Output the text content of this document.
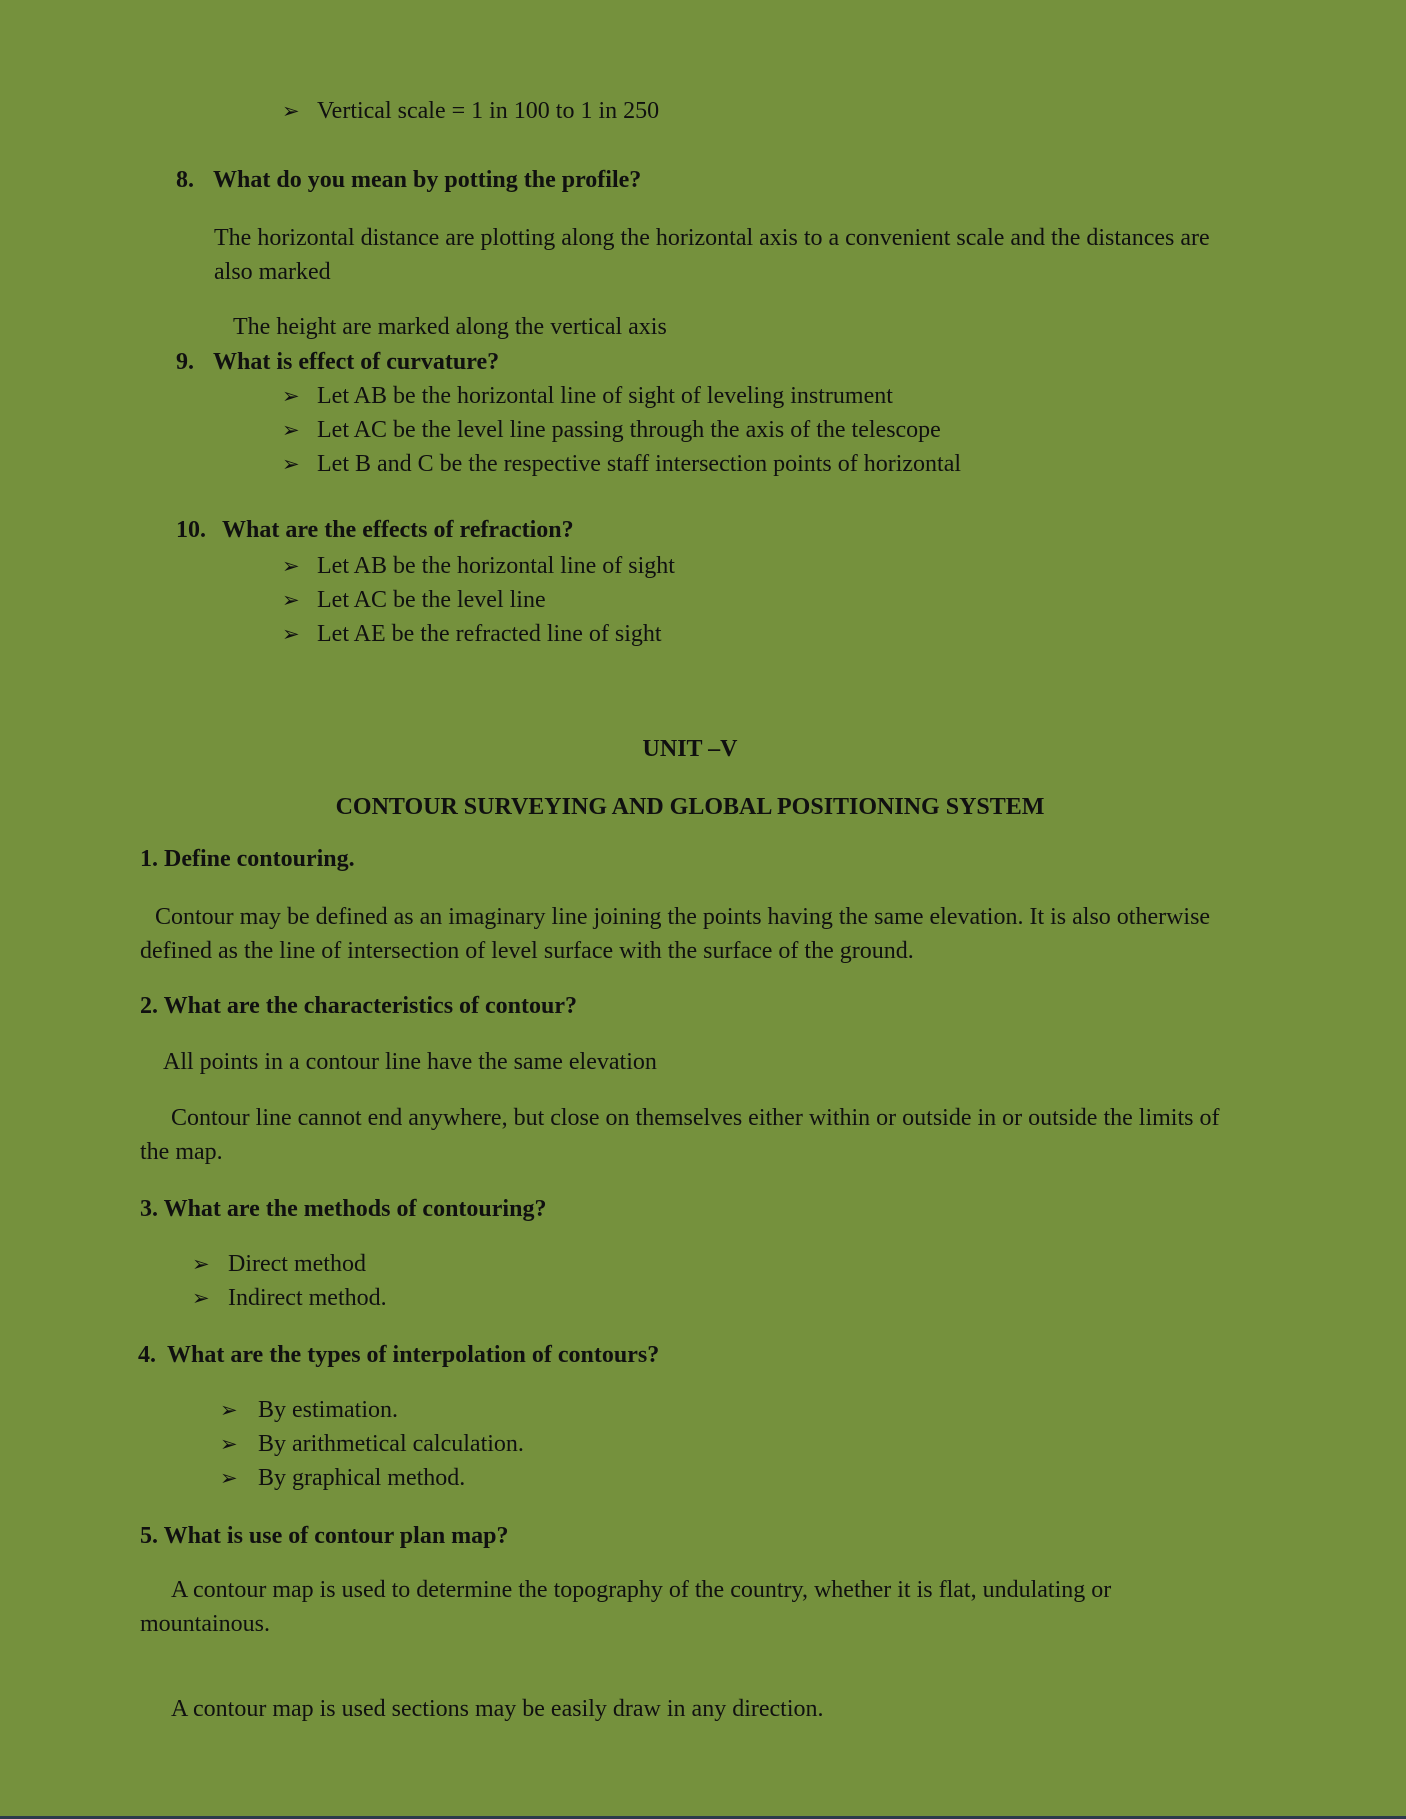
➢ Vertical scale = 1 in 100 to 1 in 250
8. What do you mean by potting the profile?
The horizontal distance are plotting along the horizontal axis to a convenient scale and the distances are also marked
The height are marked along the vertical axis
9. What is effect of curvature?
➢ Let AB be the horizontal line of sight of leveling instrument
➢ Let AC be the level line passing through the axis of the telescope
➢ Let B and C be the respective staff intersection points of horizontal
10. What are the effects of refraction?
➢ Let AB be the horizontal line of sight
➢ Let AC be the level line
➢ Let AE be the refracted line of sight
UNIT –V
CONTOUR SURVEYING AND GLOBAL POSITIONING SYSTEM
1. Define contouring.
Contour may be defined as an imaginary line joining the points having the same elevation. It is also otherwise defined as the line of intersection of level surface with the surface of the ground.
2. What are the characteristics of contour?
All points in a contour line have the same elevation
Contour line cannot end anywhere, but close on themselves either within or outside in or outside the limits of the map.
3. What are the methods of contouring?
➢ Direct method
➢ Indirect method.
4. What are the types of interpolation of contours?
➢ By estimation.
➢ By arithmetical calculation.
➢ By graphical method.
5. What is use of contour plan map?
A contour map is used to determine the topography of the country, whether it is flat, undulating or mountainous.
A contour map is used sections may be easily draw in any direction.
